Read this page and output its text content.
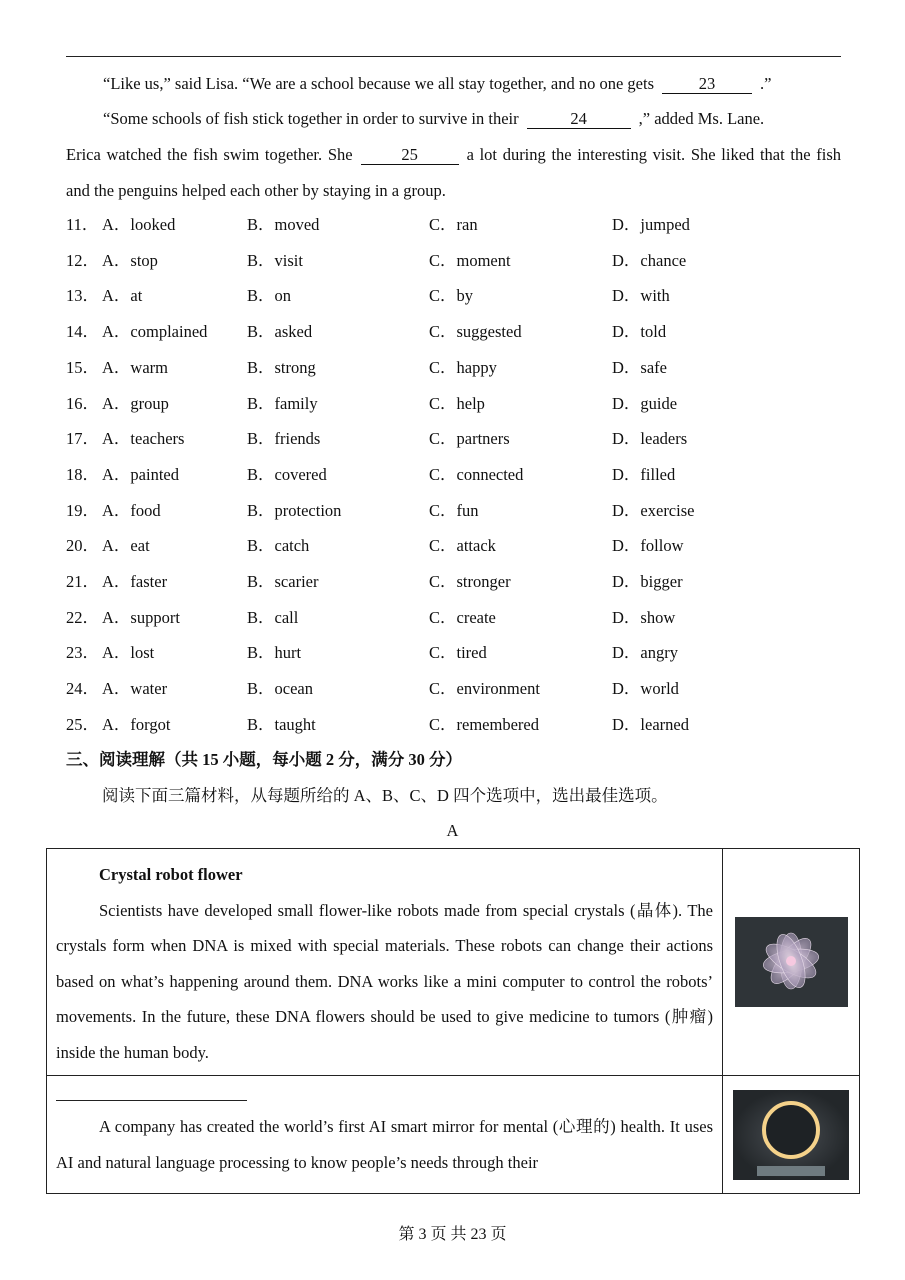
“Like us,” said Lisa. “We are a school because we all stay together, and no one gets	23	.”
“Some schools of fish stick together in order to survive in their	24	,” added Ms. Lane.
Erica watched the fish swim together. She	25	a lot during the interesting visit. She liked that the fish and the penguins helped each other by staying in a group.
11． A．looked	B．moved	C．ran	D．jumped
12． A．stop	B．visit	C．moment	D．chance
13． A．at	B．on	C．by	D．with
14． A．complained B．asked	C．suggested	D．told
15． A．warm	B．strong	C．happy	D．safe
16． A．group	B．family	C．help	D．guide
17． A．teachers	B．friends	C．partners	D．leaders
18． A．painted	B．covered	C．connected	D．filled
19． A．food	B．protection	C．fun	D．exercise
20． A．eat	B．catch	C．attack	D．follow
21． A．faster	B．scarier	C．stronger	D．bigger
22． A．support	B．call	C．create	D．show
23． A．lost	B．hurt	C．tired	D．angry
24． A．water	B．ocean	C．environment	D．world
25． A．forgot	B．taught	C．remembered	D．learned
三、阅读理解（共 15 小题，每小题 2 分，满分 30 分）
阅读下面三篇材料，从每题所给的 A、B、C、D 四个选项中，选出最佳选项。
A
Crystal robot flower
Scientists have developed small flower-like robots made from special crystals (晶体). The crystals form when DNA is mixed with special materials. These robots can change their actions based on what’s happening around them. DNA works like a mini computer to control the robots’ movements. In the future, these DNA flowers should be used to give medicine to tumors (肿瘤) inside the human body.

A company has created the world’s first AI smart mirror for mental (心理的) health. It uses AI and natural language processing to know people’s needs through their

第 3 页 共 23 页
